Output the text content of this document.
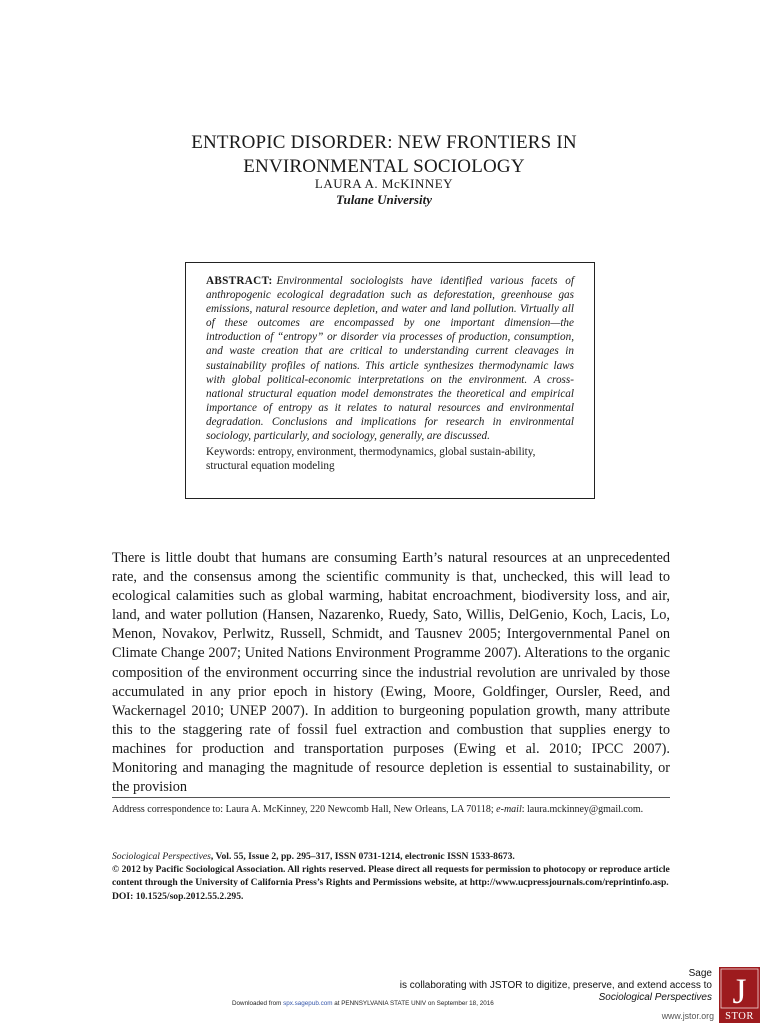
ENTROPIC DISORDER: NEW FRONTIERS IN
ENVIRONMENTAL SOCIOLOGY
LAURA A. McKINNEY
Tulane University

ABSTRACT: Environmental sociologists have identified various facets of anthropogenic ecological degradation such as deforestation, greenhouse gas emissions, natural resource depletion, and water and land pollution. Virtually all of these outcomes are encompassed by one important dimension—the introduction of “entropy” or disorder via processes of production, consumption, and waste creation that are critical to understanding current cleavages in sustainability profiles of nations. This article synthesizes thermodynamic laws with global political-economic interpretations on the environment. A cross-national structural equation model demonstrates the theoretical and empirical importance of entropy as it relates to natural resources and environmental degradation. Conclusions and implications for research in environmental sociology, particularly, and sociology, generally, are discussed.

Keywords: entropy, environment, thermodynamics, global sustain-ability, structural equation modeling

There is little doubt that humans are consuming Earth’s natural resources at an unprecedented rate, and the consensus among the scientific community is that, unchecked, this will lead to ecological calamities such as global warming, habitat encroachment, biodiversity loss, and air, land, and water pollution (Hansen, Nazarenko, Ruedy, Sato, Willis, DelGenio, Koch, Lacis, Lo, Menon, Novakov, Perlwitz, Russell, Schmidt, and Tausnev 2005; Intergovernmental Panel on Climate Change 2007; United Nations Environment Programme 2007). Alterations to the organic composition of the environment occurring since the industrial revolution are unrivaled by those accumulated in any prior epoch in history (Ewing, Moore, Goldfinger, Oursler, Reed, and Wackernagel 2010; UNEP 2007). In addition to burgeoning population growth, many attribute this to the staggering rate of fossil fuel extraction and combustion that supplies energy to machines for production and transportation purposes (Ewing et al. 2010; IPCC 2007). Monitoring and managing the magnitude of resource depletion is essential to sustainability, or the provision

Address correspondence to: Laura A. McKinney, 220 Newcomb Hall, New Orleans, LA 70118; e-mail: laura.mckinney@gmail.com.

Sociological Perspectives, Vol. 55, Issue 2, pp. 295–317, ISSN 0731-1214, electronic ISSN 1533-8673.
© 2012 by Pacific Sociological Association. All rights reserved. Please direct all requests for permission to photocopy or reproduce article content through the University of California Press’s Rights and Permissions website, at http://www.ucpressjournals.com/reprintinfo.asp. DOI: 10.1525/sop.2012.55.2.295.

Sage
is collaborating with JSTOR to digitize, preserve, and extend access to
Sociological Perspectives
Downloaded from spx.sagepub.com at PENNSYLVANIA STATE UNIV on September 18, 2016
www.jstor.org
J
STOR
